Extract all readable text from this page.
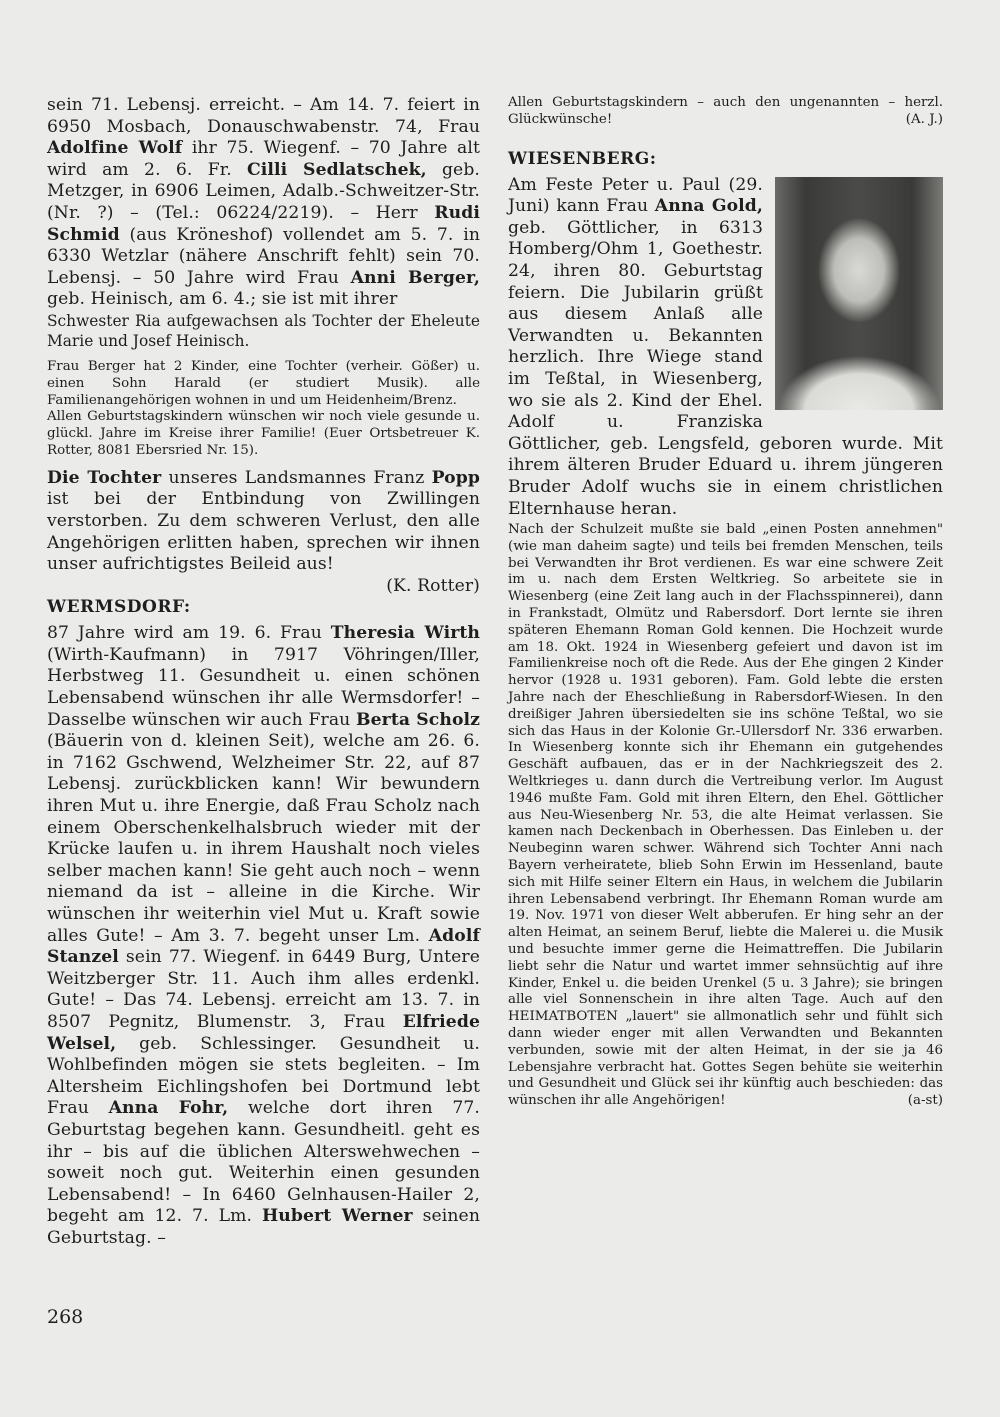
sein 71. Lebensj. erreicht. – Am 14. 7. feiert in 6950 Mosbach, Donauschwabenstr. 74, Frau Adolfine Wolf ihr 75. Wiegenf. – 70 Jahre alt wird am 2. 6. Fr. Cilli Sedlatschek, geb. Metzger, in 6906 Leimen, Adalb.-Schweitzer-Str. (Nr. ?) – (Tel.: 06224/2219). – Herr Rudi Schmid (aus Kröneshof) vollendet am 5. 7. in 6330 Wetzlar (nähere Anschrift fehlt) sein 70. Lebensj. – 50 Jahre wird Frau Anni Berger, geb. Heinisch, am 6. 4.; sie ist mit ihrer

Schwester Ria aufgewachsen als Tochter der Eheleute Marie und Josef Heinisch.

Frau Berger hat 2 Kinder, eine Tochter (verheir. Gößer) u. einen Sohn Harald (er studiert Musik). alle Familienangehörigen wohnen in und um Heidenheim/Brenz.

Allen Geburtstagskindern wünschen wir noch viele gesunde u. glückl. Jahre im Kreise ihrer Familie! (Euer Ortsbetreuer K. Rotter, 8081 Ebersried Nr. 15).

Die Tochter unseres Landsmannes Franz Popp ist bei der Entbindung von Zwillingen verstorben. Zu dem schweren Verlust, den alle Angehörigen erlitten haben, sprechen wir ihnen unser aufrichtigstes Beileid aus!
(K. Rotter)

WERMSDORF:

87 Jahre wird am 19. 6. Frau Theresia Wirth (Wirth-Kaufmann) in 7917 Vöhringen/Iller, Herbstweg 11. Gesundheit u. einen schönen Lebensabend wünschen ihr alle Wermsdorfer! – Dasselbe wünschen wir auch Frau Berta Scholz (Bäuerin von d. kleinen Seit), welche am 26. 6. in 7162 Gschwend, Welzheimer Str. 22, auf 87 Lebensj. zurückblicken kann! Wir bewundern ihren Mut u. ihre Energie, daß Frau Scholz nach einem Oberschenkelhalsbruch wieder mit der Krücke laufen u. in ihrem Haushalt noch vieles selber machen kann! Sie geht auch noch – wenn niemand da ist – alleine in die Kirche. Wir wünschen ihr weiterhin viel Mut u. Kraft sowie alles Gute! – Am 3. 7. begeht unser Lm. Adolf Stanzel sein 77. Wiegenf. in 6449 Burg, Untere Weitzberger Str. 11. Auch ihm alles erdenkl. Gute! – Das 74. Lebensj. erreicht am 13. 7. in 8507 Pegnitz, Blumenstr. 3, Frau Elfriede Welsel, geb. Schlessinger. Gesundheit u. Wohlbefinden mögen sie stets begleiten. – Im Altersheim Eichlingshofen bei Dortmund lebt Frau Anna Fohr, welche dort ihren 77. Geburtstag begehen kann. Gesundheitl. geht es ihr – bis auf die üblichen Alterswehwechen – soweit noch gut. Weiterhin einen gesunden Lebensabend! – In 6460 Gelnhausen-Hailer 2, begeht am 12. 7. Lm. Hubert Werner seinen Geburtstag. –

Allen Geburtstagskindern – auch den ungenannten – herzl. Glückwünsche!	(A. J.)

WIESENBERG:
Am Feste Peter u. Paul (29. Juni) kann Frau Anna Gold, geb. Göttlicher, in 6313 Homberg/Ohm 1, Goethestr. 24, ihren 80. Geburtstag feiern. Die Jubilarin grüßt aus diesem Anlaß alle Verwandten u. Bekannten herzlich. Ihre Wiege stand im Teßtal, in Wiesenberg, wo sie als 2. Kind der Ehel. Adolf u. Franziska Göttlicher, geb. Lengsfeld, geboren wurde. Mit ihrem älteren Bruder Eduard u. ihrem jüngeren Bruder Adolf wuchs sie in einem christlichen Elternhause heran.

Nach der Schulzeit mußte sie bald „einen Posten annehmen" (wie man daheim sagte) und teils bei fremden Menschen, teils bei Verwandten ihr Brot verdienen. Es war eine schwere Zeit im u. nach dem Ersten Weltkrieg. So arbeitete sie in Wiesenberg (eine Zeit lang auch in der Flachsspinnerei), dann in Frankstadt, Olmütz und Rabersdorf. Dort lernte sie ihren späteren Ehemann Roman Gold kennen. Die Hochzeit wurde am 18. Okt. 1924 in Wiesenberg gefeiert und davon ist im Familienkreise noch oft die Rede. Aus der Ehe gingen 2 Kinder hervor (1928 u. 1931 geboren). Fam. Gold lebte die ersten Jahre nach der Eheschließung in Rabersdorf-Wiesen. In den dreißiger Jahren übersiedelten sie ins schöne Teßtal, wo sie sich das Haus in der Kolonie Gr.-Ullersdorf Nr. 336 erwarben. In Wiesenberg konnte sich ihr Ehemann ein gutgehendes Geschäft aufbauen, das er in der Nachkriegszeit des 2. Weltkrieges u. dann durch die Vertreibung verlor. Im August 1946 mußte Fam. Gold mit ihren Eltern, den Ehel. Göttlicher aus Neu-Wiesenberg Nr. 53, die alte Heimat verlassen. Sie kamen nach Deckenbach in Oberhessen. Das Einleben u. der Neubeginn waren schwer. Während sich Tochter Anni nach Bayern verheiratete, blieb Sohn Erwin im Hessenland, baute sich mit Hilfe seiner Eltern ein Haus, in welchem die Jubilarin ihren Lebensabend verbringt. Ihr Ehemann Roman wurde am 19. Nov. 1971 von dieser Welt abberufen. Er hing sehr an der alten Heimat, an seinem Beruf, liebte die Malerei u. die Musik und besuchte immer gerne die Heimattreffen. Die Jubilarin liebt sehr die Natur und wartet immer sehnsüchtig auf ihre Kinder, Enkel u. die beiden Urenkel (5 u. 3 Jahre); sie bringen alle viel Sonnenschein in ihre alten Tage. Auch auf den HEIMATBOTEN „lauert" sie allmonatlich sehr und fühlt sich dann wieder enger mit allen Verwandten und Bekannten verbunden, sowie mit der alten Heimat, in der sie ja 46 Lebensjahre verbracht hat. Gottes Segen behüte sie weiterhin und Gesundheit und Glück sei ihr künftig auch beschieden: das wünschen ihr alle Angehörigen!	(a-st)

268
